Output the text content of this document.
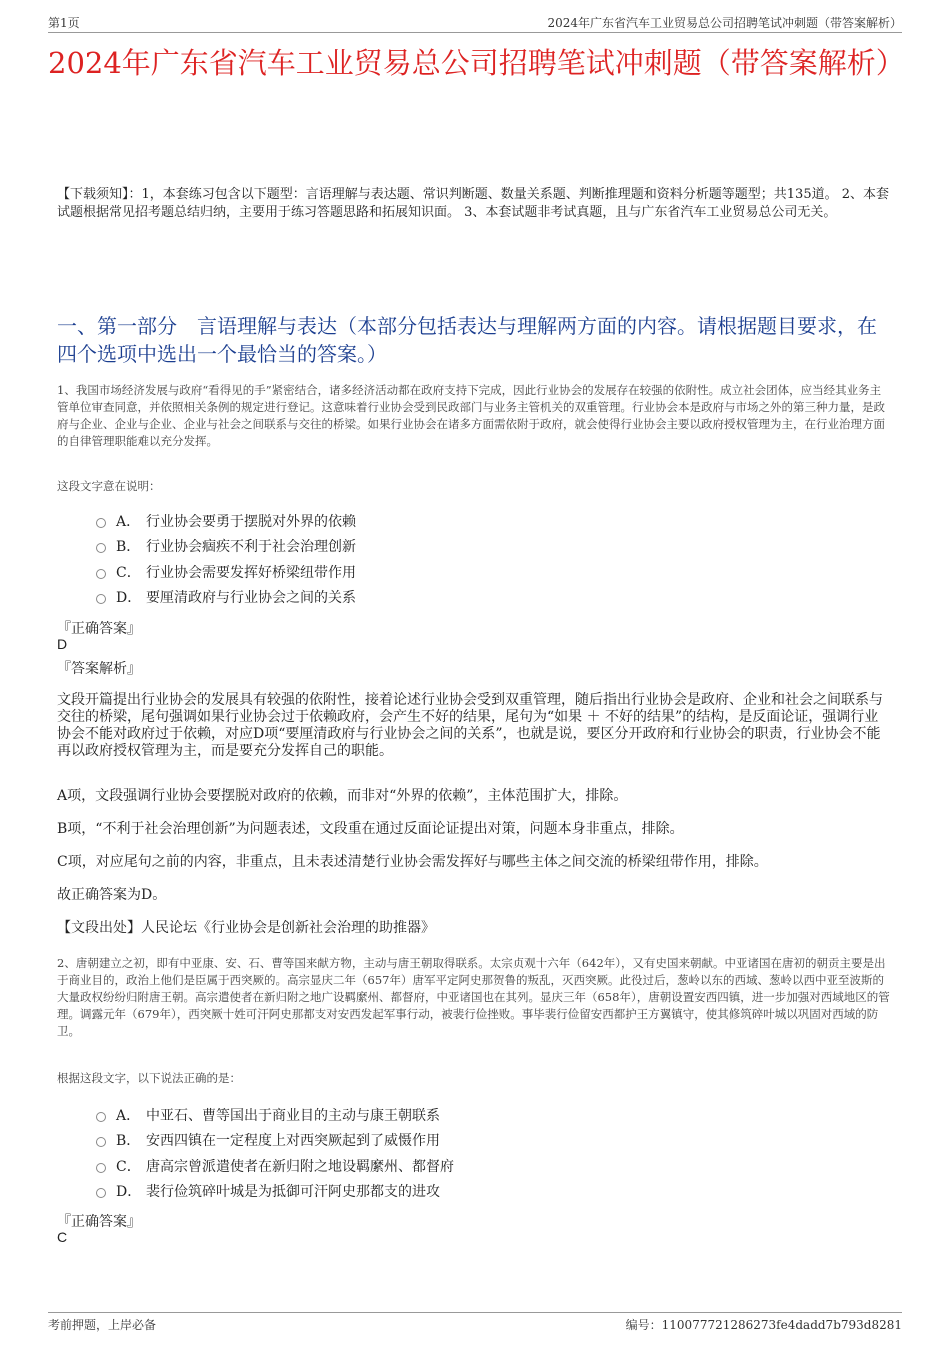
第1页	2024年广东省汽车工业贸易总公司招聘笔试冲刺题（带答案解析）
2024年广东省汽车工业贸易总公司招聘笔试冲刺题（带答案解析）
【下载须知】：1，本套练习包含以下题型：言语理解与表达题、常识判断题、数量关系题、判断推理题和资料分析题等题型；共135道。 2、本套试题根据常见招考题总结归纳，主要用于练习答题思路和拓展知识面。 3、本套试题非考试真题，且与广东省汽车工业贸易总公司无关。
一、第一部分　言语理解与表达（本部分包括表达与理解两方面的内容。请根据题目要求，在四个选项中选出一个最恰当的答案。）
1、我国市场经济发展与政府“看得见的手”紧密结合，诸多经济活动都在政府支持下完成，因此行业协会的发展存在较强的依附性。成立社会团体，应当经其业务主管单位审查同意，并依照相关条例的规定进行登记。这意味着行业协会受到民政部门与业务主管机关的双重管理。行业协会本是政府与市场之外的第三种力量，是政府与企业、企业与企业、企业与社会之间联系与交往的桥梁。如果行业协会在诸多方面需依附于政府，就会使得行业协会主要以政府授权管理为主，在行业治理方面的自律管理职能难以充分发挥。
这段文字意在说明：
A． 行业协会要勇于摆脱对外界的依赖
B． 行业协会痼疾不利于社会治理创新
C． 行业协会需要发挥好桥梁纽带作用
D． 要厘清政府与行业协会之间的关系
『正确答案』
D
『答案解析』
文段开篇提出行业协会的发展具有较强的依附性，接着论述行业协会受到双重管理，随后指出行业协会是政府、企业和社会之间联系与交往的桥梁，尾句强调如果行业协会过于依赖政府，会产生不好的结果，尾句为“如果 ＋ 不好的结果”的结构，是反面论证，强调行业协会不能对政府过于依赖，对应D项“要厘清政府与行业协会之间的关系”，也就是说，要区分开政府和行业协会的职责，行业协会不能再以政府授权管理为主，而是要充分发挥自己的职能。
A项，文段强调行业协会要摆脱对政府的依赖，而非对“外界的依赖”，主体范围扩大，排除。
B项，“不利于社会治理创新”为问题表述，文段重在通过反面论证提出对策，问题本身非重点，排除。
C项，对应尾句之前的内容，非重点，且未表述清楚行业协会需发挥好与哪些主体之间交流的桥梁纽带作用，排除。
故正确答案为D。
【文段出处】人民论坛《行业协会是创新社会治理的助推器》
2、唐朝建立之初，即有中亚康、安、石、曹等国来献方物，主动与唐王朝取得联系。太宗贞观十六年（642年），又有史国来朝献。中亚诸国在唐初的朝贡主要是出于商业目的，政治上他们是臣属于西突厥的。高宗显庆二年（657年）唐军平定阿史那贺鲁的叛乱，灭西突厥。此役过后，葱岭以东的西域、葱岭以西中亚至波斯的大量政权纷纷归附唐王朝。高宗遣使者在新归附之地广设羁縻州、都督府，中亚诸国也在其列。显庆三年（658年），唐朝设置安西四镇，进一步加强对西域地区的管理。调露元年（679年），西突厥十姓可汗阿史那都支对安西发起军事行动，被裴行俭挫败。事毕裴行俭留安西都护王方翼镇守，使其修筑碎叶城以巩固对西域的防卫。
根据这段文字，以下说法正确的是：
A． 中亚石、曹等国出于商业目的主动与康王朝联系
B． 安西四镇在一定程度上对西突厥起到了威慑作用
C． 唐高宗曾派遣使者在新归附之地设羁縻州、都督府
D． 裴行俭筑碎叶城是为抵御可汗阿史那都支的进攻
『正确答案』
C
考前押题，上岸必备	编号：110077721286273fe4dadd7b793d8281
